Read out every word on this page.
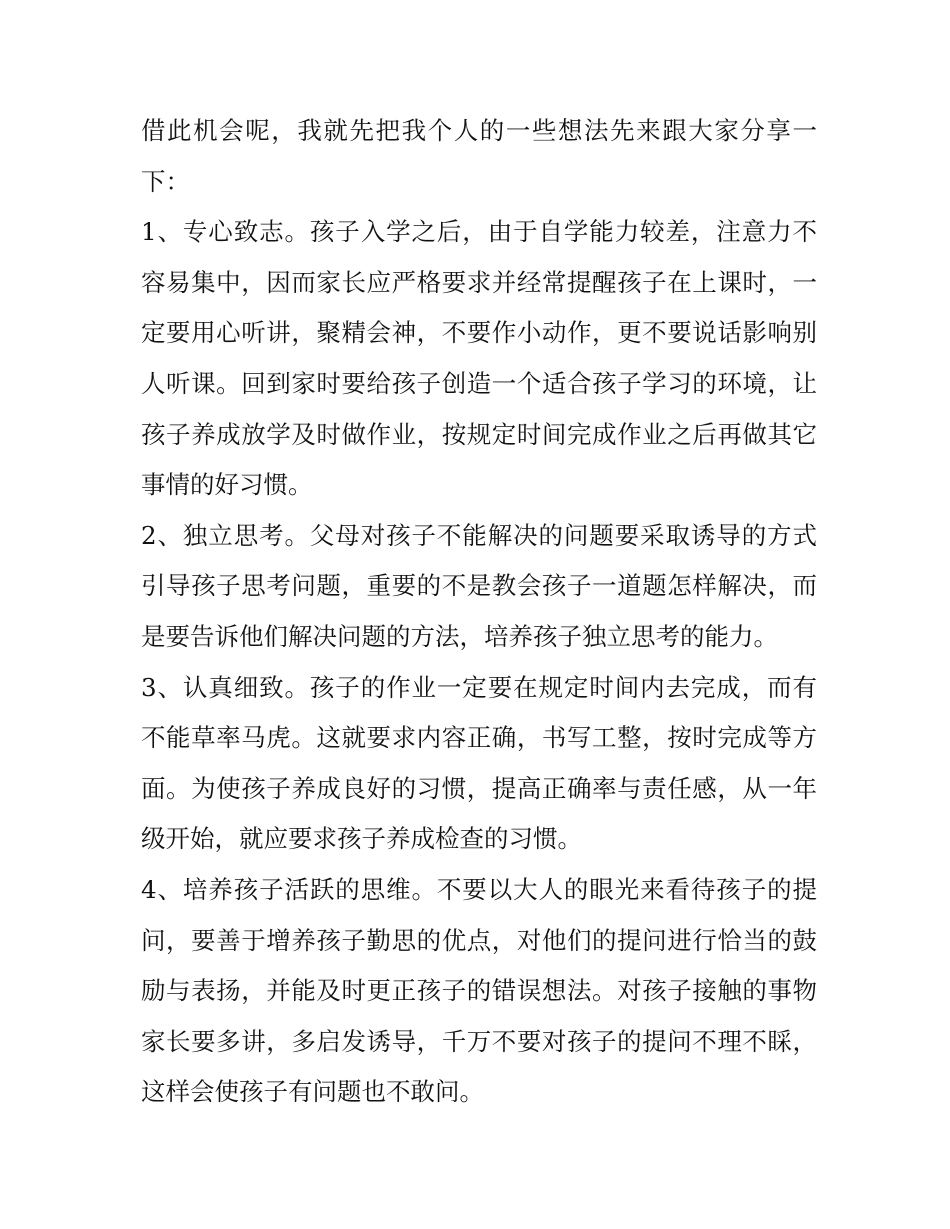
借此机会呢，我就先把我个人的一些想法先来跟大家分享一下：

1、专心致志。孩子入学之后，由于自学能力较差，注意力不容易集中，因而家长应严格要求并经常提醒孩子在上课时，一定要用心听讲，聚精会神，不要作小动作，更不要说话影响别人听课。回到家时要给孩子创造一个适合孩子学习的环境，让孩子养成放学及时做作业，按规定时间完成作业之后再做其它事情的好习惯。

2、独立思考。父母对孩子不能解决的问题要采取诱导的方式引导孩子思考问题，重要的不是教会孩子一道题怎样解决，而是要告诉他们解决问题的方法，培养孩子独立思考的能力。

3、认真细致。孩子的作业一定要在规定时间内去完成，而有不能草率马虎。这就要求内容正确，书写工整，按时完成等方面。为使孩子养成良好的习惯，提高正确率与责任感，从一年级开始，就应要求孩子养成检查的习惯。

4、培养孩子活跃的思维。不要以大人的眼光来看待孩子的提问，要善于增养孩子勤思的优点，对他们的提问进行恰当的鼓励与表扬，并能及时更正孩子的错误想法。对孩子接触的事物家长要多讲，多启发诱导，千万不要对孩子的提问不理不睬，这样会使孩子有问题也不敢问。
